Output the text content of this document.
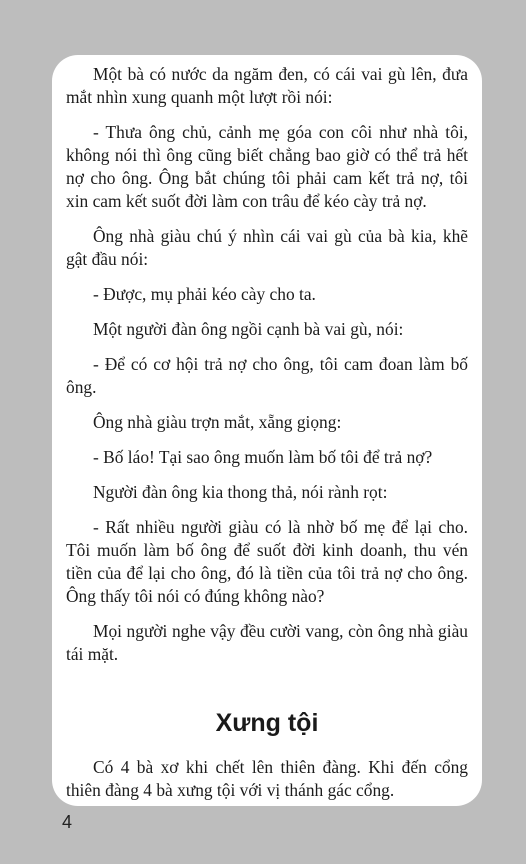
Một bà có nước da ngăm đen, có cái vai gù lên, đưa mắt nhìn xung quanh một lượt rồi nói:

- Thưa ông chủ, cảnh mẹ góa con côi như nhà tôi, không nói thì ông cũng biết chẳng bao giờ có thể trả hết nợ cho ông. Ông bắt chúng tôi phải cam kết trả nợ, tôi xin cam kết suốt đời làm con trâu để kéo cày trả nợ.

Ông nhà giàu chú ý nhìn cái vai gù của bà kia, khẽ gật đầu nói:

- Được, mụ phải kéo cày cho ta.

Một người đàn ông ngồi cạnh bà vai gù, nói:

- Để có cơ hội trả nợ cho ông, tôi cam đoan làm bố ông.

Ông nhà giàu trợn mắt, xẵng giọng:

- Bố láo! Tại sao ông muốn làm bố tôi để trả nợ?

Người đàn ông kia thong thả, nói rành rọt:

- Rất nhiều người giàu có là nhờ bố mẹ để lại cho. Tôi muốn làm bố ông để suốt đời kinh doanh, thu vén tiền của để lại cho ông, đó là tiền của tôi trả nợ cho ông. Ông thấy tôi nói có đúng không nào?

Mọi người nghe vậy đều cười vang, còn ông nhà giàu tái mặt.

Xưng tội

Có 4 bà xơ khi chết lên thiên đàng. Khi đến cổng thiên đàng 4 bà xưng tội với vị thánh gác cổng.

4
